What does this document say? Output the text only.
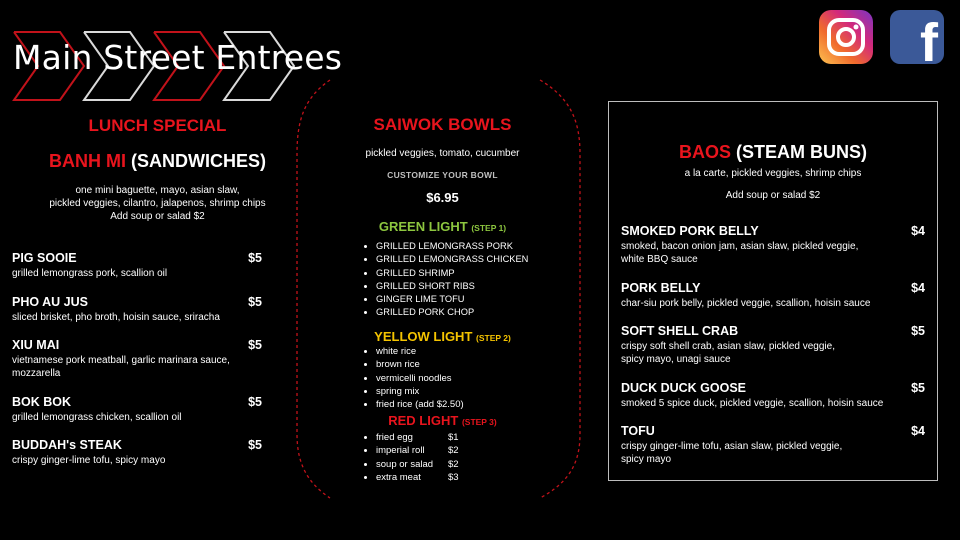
Main Street Entrees	f
LUNCH SPECIAL
BANH MI (SANDWICHES)
one mini baguette, mayo, asian slaw,
pickled veggies, cilantro, jalapenos, shrimp chips
Add soup or salad $2
PIG SOOIE	$5
grilled lemongrass pork, scallion oil
PHO AU JUS	$5
sliced brisket, pho broth, hoisin sauce, sriracha
XIU MAI	$5
vietnamese pork meatball, garlic marinara sauce, mozzarella
BOK BOK	$5
grilled lemongrass chicken, scallion oil
BUDDAH's STEAK	$5
crispy ginger-lime tofu, spicy mayo
SAIWOK BOWLS
pickled veggies, tomato, cucumber
CUSTOMIZE YOUR BOWL
$6.95
GREEN LIGHT (STEP 1)
• GRILLED LEMONGRASS PORK
• GRILLED LEMONGRASS CHICKEN
• GRILLED SHRIMP
• GRILLED SHORT RIBS
• GINGER LIME TOFU
• GRILLED PORK CHOP
YELLOW LIGHT (STEP 2)
• white rice
• brown rice
• vermicelli noodles
• spring mix
• fried rice (add $2.50)
RED LIGHT (STEP 3)
• fried egg	$1
• imperial roll $2
• soup or salad $2
• extra meat	$3
BAOS (STEAM BUNS)
a la carte, pickled veggies, shrimp chips
Add soup or salad $2
SMOKED PORK BELLY	$4
smoked, bacon onion jam, asian slaw, pickled veggie, white BBQ sauce
PORK BELLY	$4
char-siu pork belly, pickled veggie, scallion, hoisin sauce
SOFT SHELL CRAB	$5
crispy soft shell crab, asian slaw, pickled veggie, spicy mayo, unagi sauce
DUCK DUCK GOOSE	$5
smoked 5 spice duck, pickled veggie, scallion, hoisin sauce
TOFU	$4
crispy ginger-lime tofu, asian slaw, pickled veggie, spicy mayo
